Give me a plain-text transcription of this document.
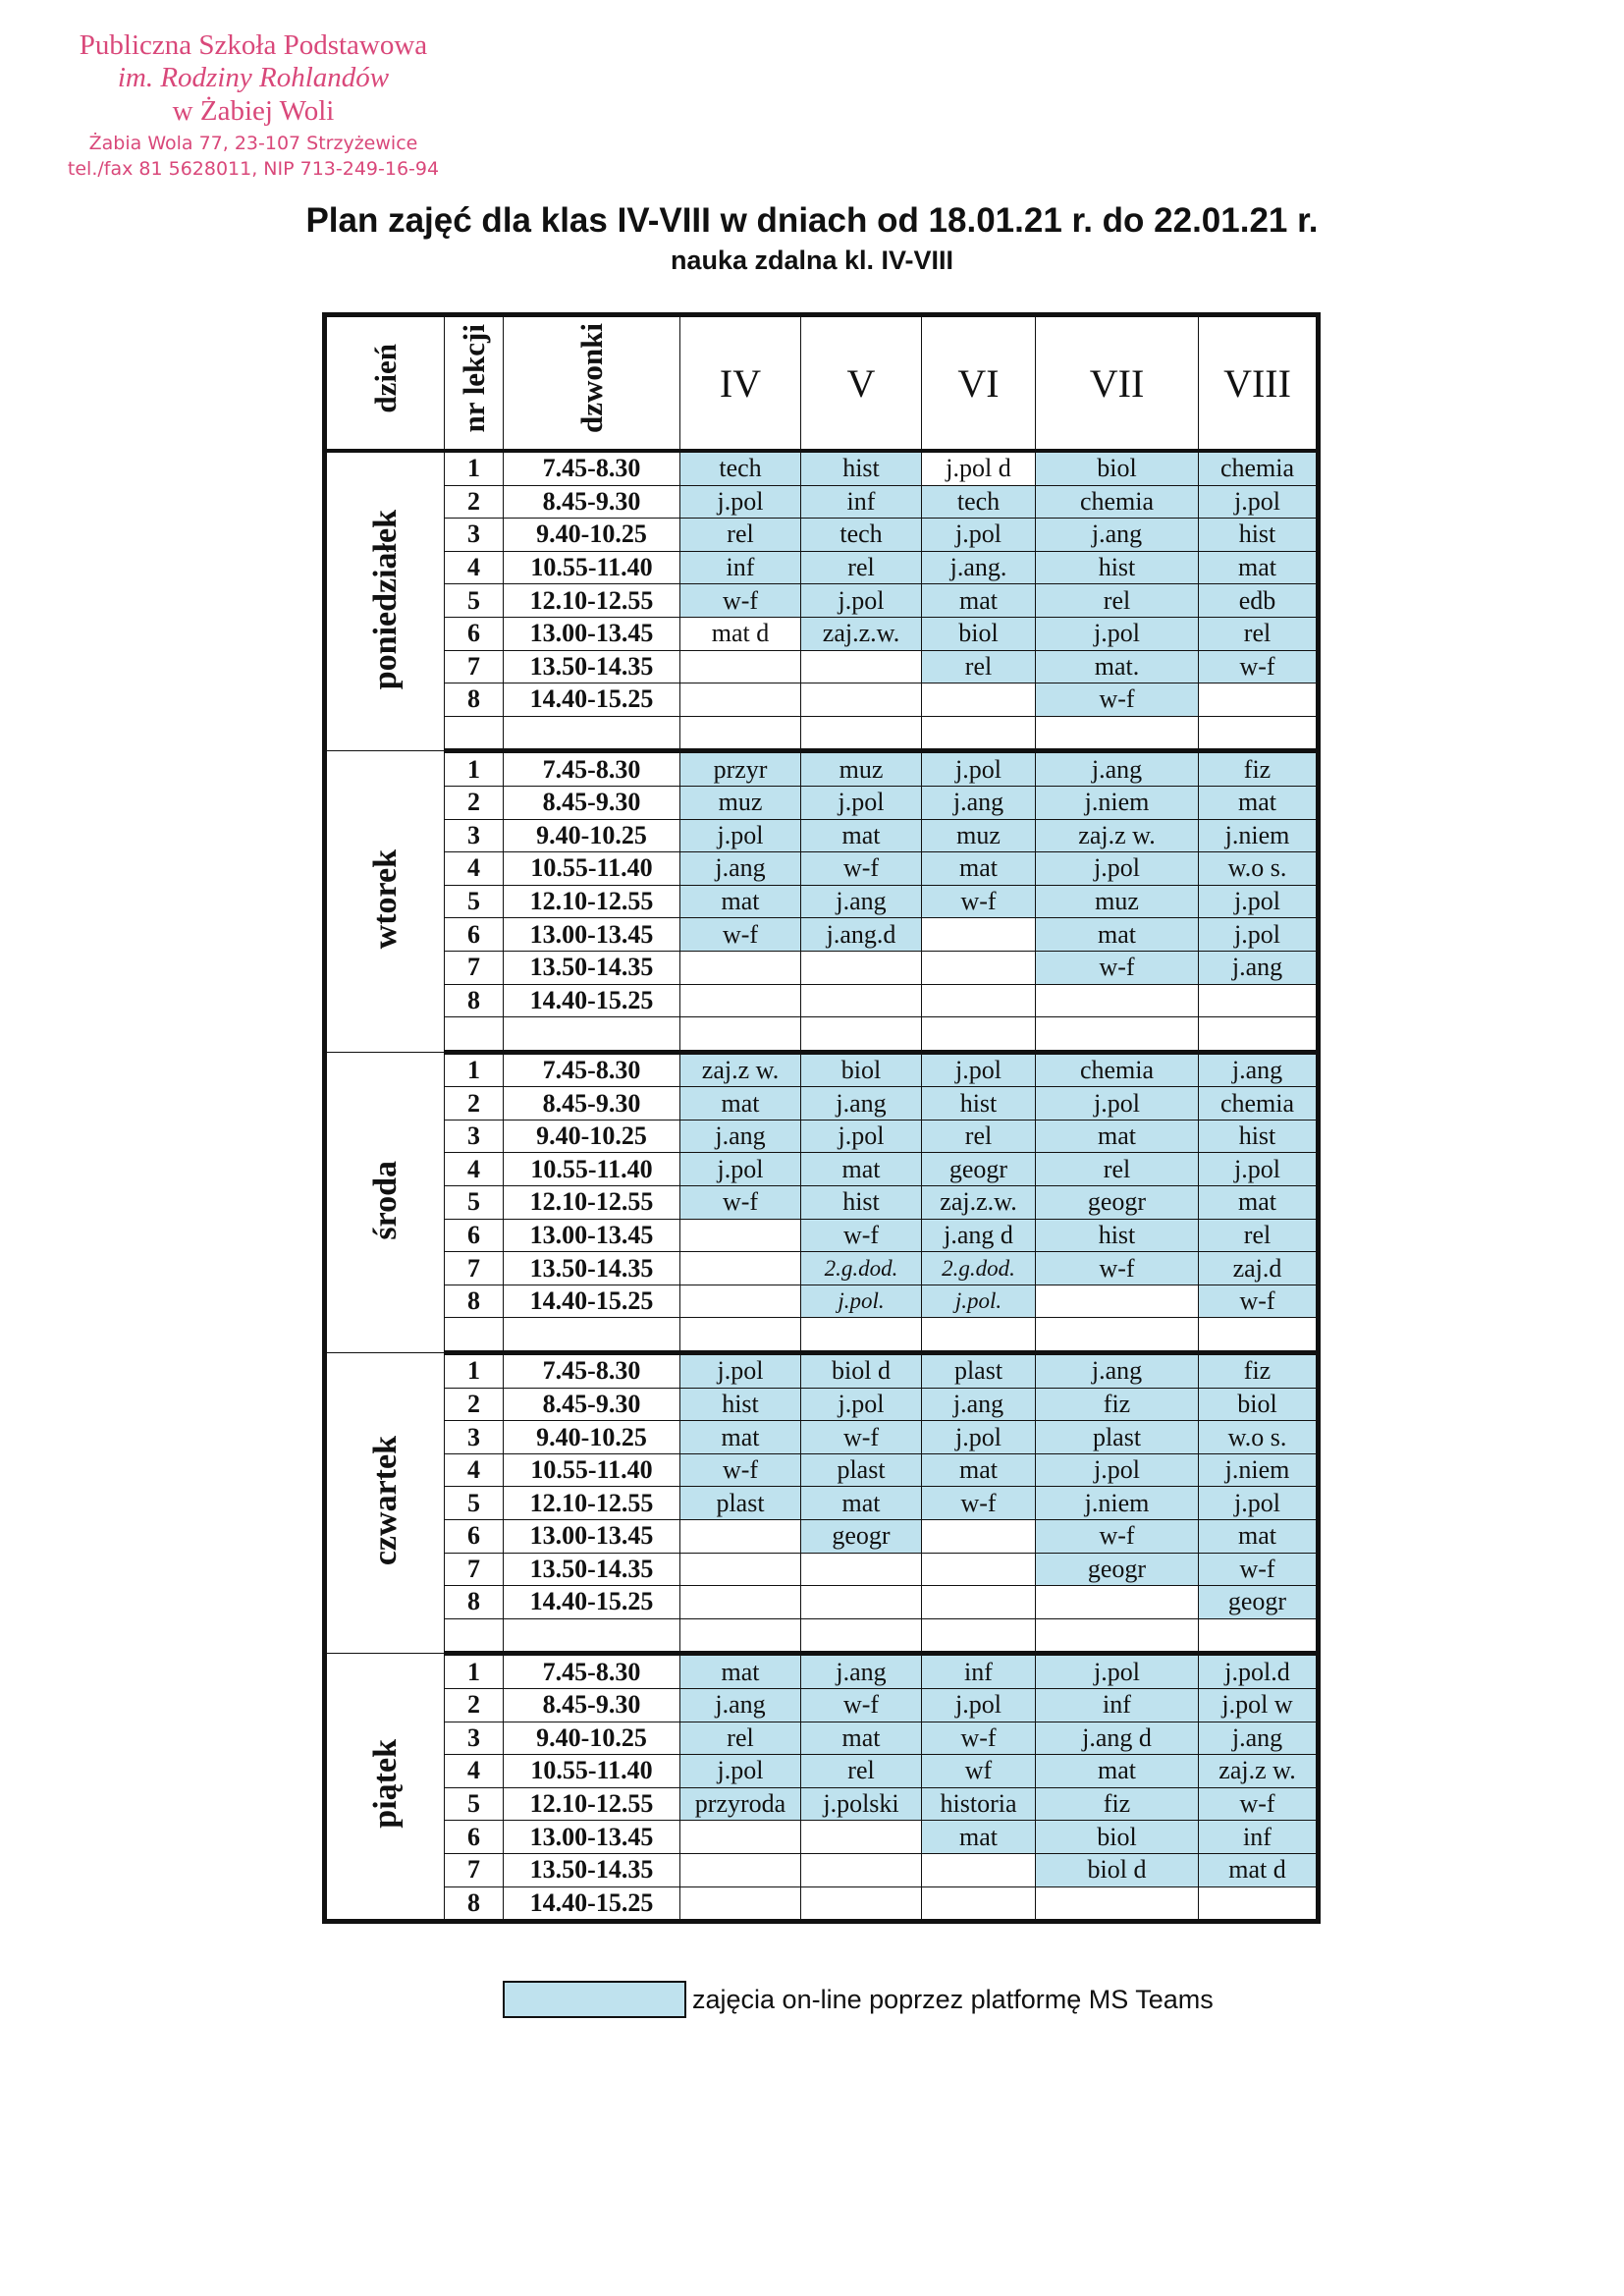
Publiczna Szkoła Podstawowa
im. Rodziny Rohlandów
w Żabiej Woli
Żabia Wola 77, 23-107 Strzyżewice
tel./fax 81 5628011, NIP 713-249-16-94
Plan zajęć dla klas IV-VIII w dniach od 18.01.21 r. do 22.01.21 r.
nauka zdalna kl. IV-VIII
dzień	nr lekcji	dzwonki	IV	V	VI	VII	VIII
poniedziałek	1	7.45-8.30	tech	hist	j.pol d	biol	chemia
	2	8.45-9.30	j.pol	inf	tech	chemia	j.pol
	3	9.40-10.25	rel	tech	j.pol	j.ang	hist
	4	10.55-11.40	inf	rel	j.ang.	hist	mat
	5	12.10-12.55	w-f	j.pol	mat	rel	edb
	6	13.00-13.45	mat d	zaj.z.w.	biol	j.pol	rel
	7	13.50-14.35			rel	mat.	w-f
	8	14.40-15.25				w-f	

wtorek	1	7.45-8.30	przyr	muz	j.pol	j.ang	fiz
	2	8.45-9.30	muz	j.pol	j.ang	j.niem	mat
	3	9.40-10.25	j.pol	mat	muz	zaj.z w.	j.niem
	4	10.55-11.40	j.ang	w-f	mat	j.pol	w.o s.
	5	12.10-12.55	mat	j.ang	w-f	muz	j.pol
	6	13.00-13.45	w-f	j.ang.d		mat	j.pol
	7	13.50-14.35				w-f	j.ang
	8	14.40-15.25					

środa	1	7.45-8.30	zaj.z w.	biol	j.pol	chemia	j.ang
	2	8.45-9.30	mat	j.ang	hist	j.pol	chemia
	3	9.40-10.25	j.ang	j.pol	rel	mat	hist
	4	10.55-11.40	j.pol	mat	geogr	rel	j.pol
	5	12.10-12.55	w-f	hist	zaj.z.w.	geogr	mat
	6	13.00-13.45		w-f	j.ang d	hist	rel
	7	13.50-14.35		2.g.dod.	2.g.dod.	w-f	zaj.d
	8	14.40-15.25		j.pol.	j.pol.		w-f

czwartek	1	7.45-8.30	j.pol	biol d	plast	j.ang	fiz
	2	8.45-9.30	hist	j.pol	j.ang	fiz	biol
	3	9.40-10.25	mat	w-f	j.pol	plast	w.o s.
	4	10.55-11.40	w-f	plast	mat	j.pol	j.niem
	5	12.10-12.55	plast	mat	w-f	j.niem	j.pol
	6	13.00-13.45		geogr		w-f	mat
	7	13.50-14.35				geogr	w-f
	8	14.40-15.25					geogr

piątek	1	7.45-8.30	mat	j.ang	inf	j.pol	j.pol.d
	2	8.45-9.30	j.ang	w-f	j.pol	inf	j.pol w
	3	9.40-10.25	rel	mat	w-f	j.ang d	j.ang
	4	10.55-11.40	j.pol	rel	wf	mat	zaj.z w.
	5	12.10-12.55	przyroda	j.polski	historia	fiz	w-f
	6	13.00-13.45			mat	biol	inf
	7	13.50-14.35				biol d	mat d
	8	14.40-15.25					
zajęcia on-line poprzez platformę MS Teams
